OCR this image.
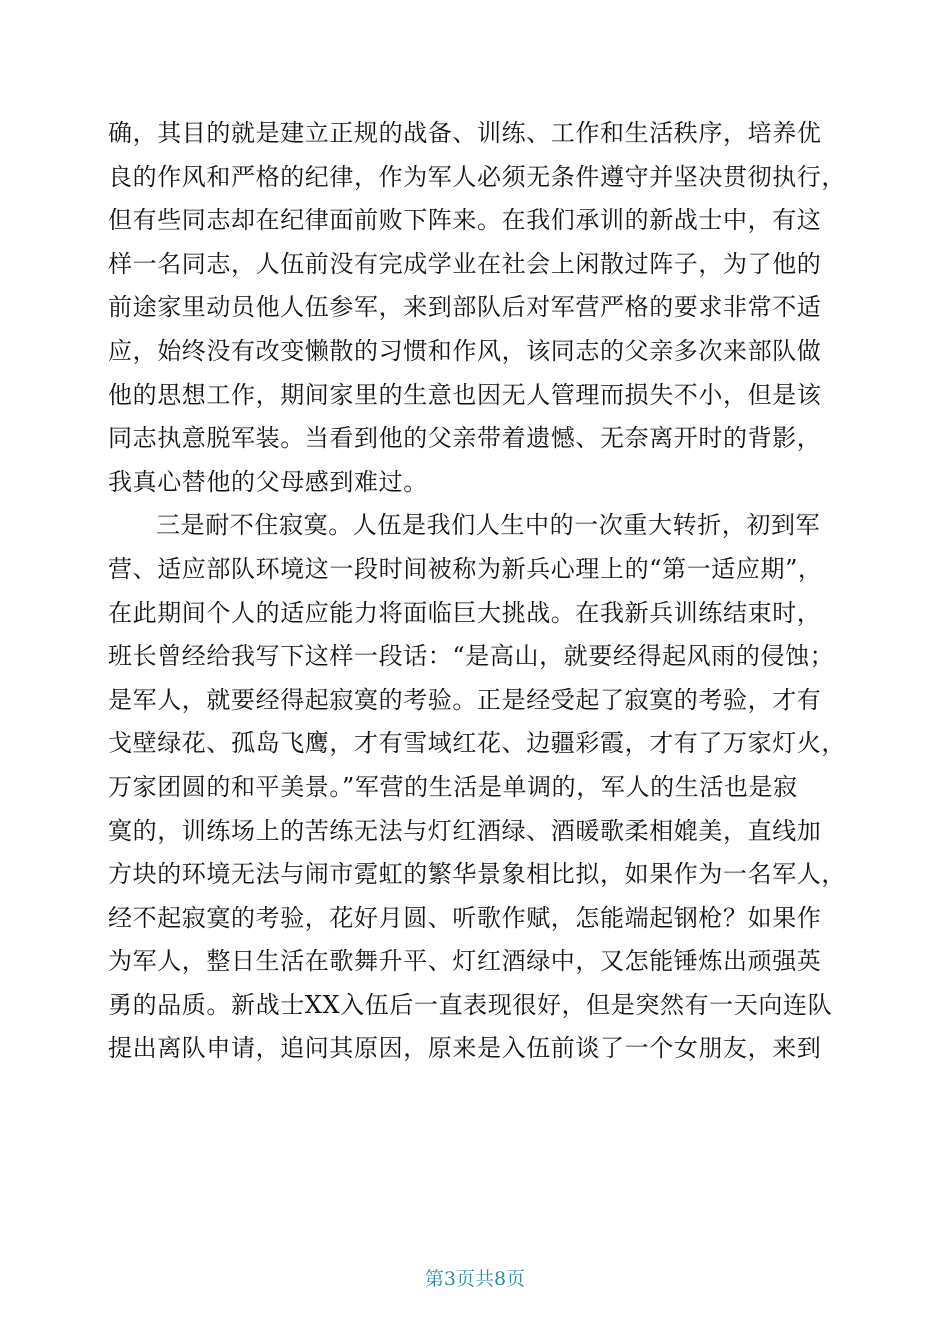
确，其目的就是建立正规的战备、训练、工作和生活秩序，培养优
良的作风和严格的纪律，作为军人必须无条件遵守并坚决贯彻执行，
但有些同志却在纪律面前败下阵来。在我们承训的新战士中，有这
样一名同志，人伍前没有完成学业在社会上闲散过阵子，为了他的
前途家里动员他人伍参军，来到部队后对军营严格的要求非常不适
应，始终没有改变懒散的习惯和作风，该同志的父亲多次来部队做
他的思想工作，期间家里的生意也因无人管理而损失不小，但是该
同志执意脱军装。当看到他的父亲带着遗憾、无奈离开时的背影，
我真心替他的父母感到难过。
三是耐不住寂寞。人伍是我们人生中的一次重大转折，初到军
营、适应部队环境这一段时间被称为新兵心理上的“第一适应期”，
在此期间个人的适应能力将面临巨大挑战。在我新兵训练结束时，
班长曾经给我写下这样一段话：“是高山，就要经得起风雨的侵蚀；
是军人，就要经得起寂寞的考验。正是经受起了寂寞的考验，才有
戈壁绿花、孤岛飞鹰，才有雪域红花、边疆彩霞，才有了万家灯火，
万家团圆的和平美景。”军营的生活是单调的，军人的生活也是寂
寞的，训练场上的苦练无法与灯红酒绿、酒暖歌柔相媲美，直线加
方块的环境无法与闹市霓虹的繁华景象相比拟，如果作为一名军人，
经不起寂寞的考验，花好月圆、听歌作赋，怎能端起钢枪？如果作
为军人，整日生活在歌舞升平、灯红酒绿中，又怎能锤炼出顽强英
勇的品质。新战士XX入伍后一直表现很好，但是突然有一天向连队
提出离队申请，追问其原因，原来是入伍前谈了一个女朋友，来到
第3页共8页
